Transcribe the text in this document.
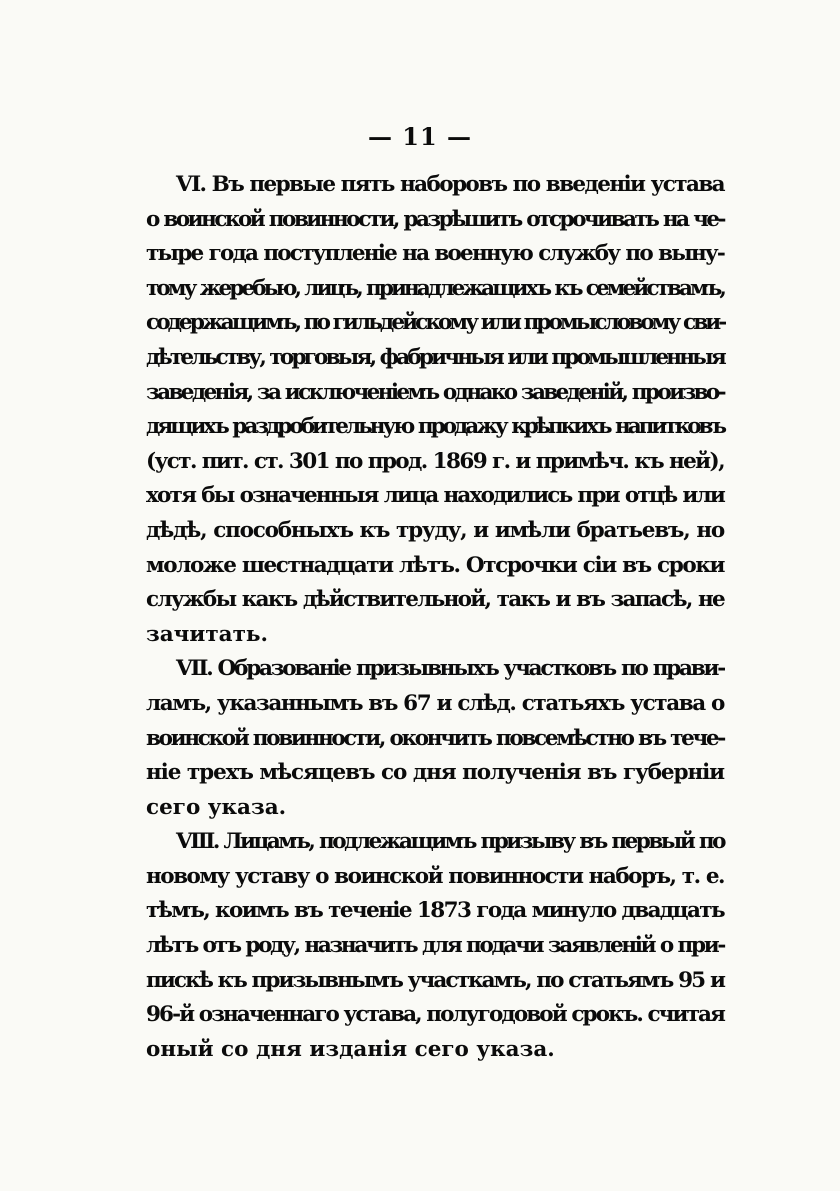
— 11 —
VI. Въ первые пять наборовъ по введеніи устава
о воинской повинности, разрѣшить отсрочивать на че-
тыре года поступленіе на военную службу по выну-
тому жеребью, лицъ, принадлежащихъ къ семействамъ,
содержащимъ, по гильдейскому или промысловому сви-
дѣтельству, торговыя, фабричныя или промышленныя
заведенія, за исключеніемъ однако заведеній, произво-
дящихъ раздробительную продажу крѣпкихъ напитковъ
(уст. пит. ст. 301 по прод. 1869 г. и примѣч. къ ней),
хотя бы означенныя лица находились при отцѣ или
дѣдѣ, способныхъ къ труду, и имѣли братьевъ, но
моложе шестнадцати лѣтъ. Отсрочки сіи въ сроки
службы какъ дѣйствительной, такъ и въ запасѣ, не
зачитать.
VII. Образованіе призывныхъ участковъ по прави-
ламъ, указаннымъ въ 67 и слѣд. статьяхъ устава о
воинской повинности, окончить повсемѣстно въ тече-
ніе трехъ мѣсяцевъ со дня полученія въ губерніи
сего указа.
VIII. Лицамъ, подлежащимъ призыву въ первый по
новому уставу о воинской повинности наборъ, т. е.
тѣмъ, коимъ въ теченіе 1873 года минуло двадцать
лѣтъ отъ роду, назначить для подачи заявленій о при-
пискѣ къ призывнымъ участкамъ, по статьямъ 95 и
96-й означеннаго устава, полугодовой срокъ. считая
оный со дня изданія сего указа.
